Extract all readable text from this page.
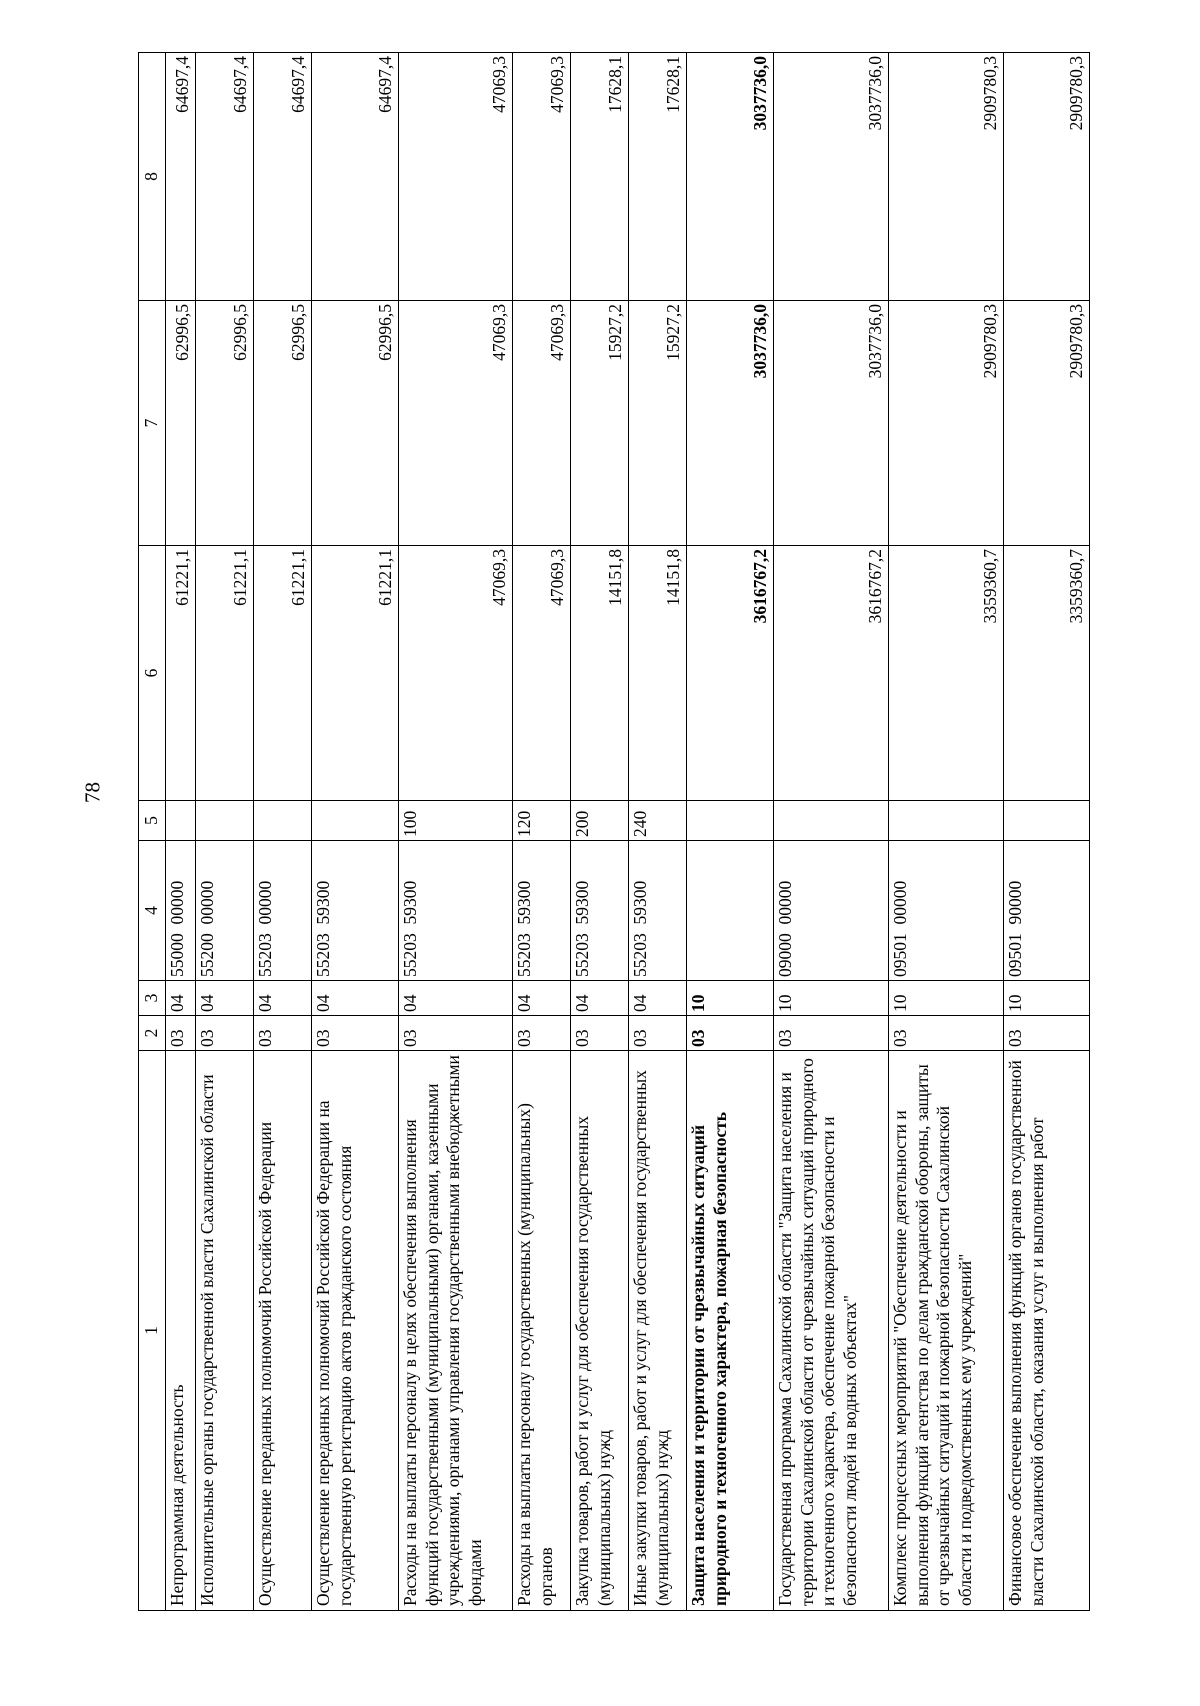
78
1	2	3	4	5	6	7	8
Непрограммная деятельность	03	04	55000  00000		61221,1	62996,5	64697,4
Исполнительные органы государственной власти Сахалинской области	03	04	55200  00000		61221,1	62996,5	64697,4
Осуществление переданных полномочий Российской Федерации	03	04	55203  00000		61221,1	62996,5	64697,4
Осуществление переданных полномочий Российской Федерации на государственную регистрацию актов гражданского состояния	03	04	55203  59300		61221,1	62996,5	64697,4
Расходы на выплаты персоналу в целях обеспечения выполнения функций государственными (муниципальными) органами, казенными учреждениями, органами управления государственными внебюджетными фондами	03	04	55203  59300	100	47069,3	47069,3	47069,3
Расходы на выплаты персоналу государственных (муниципальных) органов	03	04	55203  59300	120	47069,3	47069,3	47069,3
Закупка товаров, работ и услуг для обеспечения государственных (муниципальных) нужд	03	04	55203  59300	200	14151,8	15927,2	17628,1
Иные закупки товаров, работ и услуг для обеспечения государственных (муниципальных) нужд	03	04	55203  59300	240	14151,8	15927,2	17628,1
Защита населения и территории от чрезвычайных ситуаций природного и техногенного характера, пожарная безопасность	03	10			3616767,2	3037736,0	3037736,0
Государственная программа Сахалинской области "Защита населения и территории Сахалинской области от чрезвычайных ситуаций природного и техногенного характера, обеспечение пожарной безопасности и безопасности людей на водных объектах"	03	10	09000  00000		3616767,2	3037736,0	3037736,0
Комплекс процессных мероприятий "Обеспечение деятельности и выполнения функций агентства по делам гражданской обороны, защиты от чрезвычайных ситуаций и пожарной безопасности Сахалинской области и подведомственных ему учреждений"	03	10	09501  00000		3359360,7	2909780,3	2909780,3
Финансовое обеспечение выполнения функций органов государственной власти Сахалинской области, оказания услуг и выполнения работ	03	10	09501  90000		3359360,7	2909780,3	2909780,3
